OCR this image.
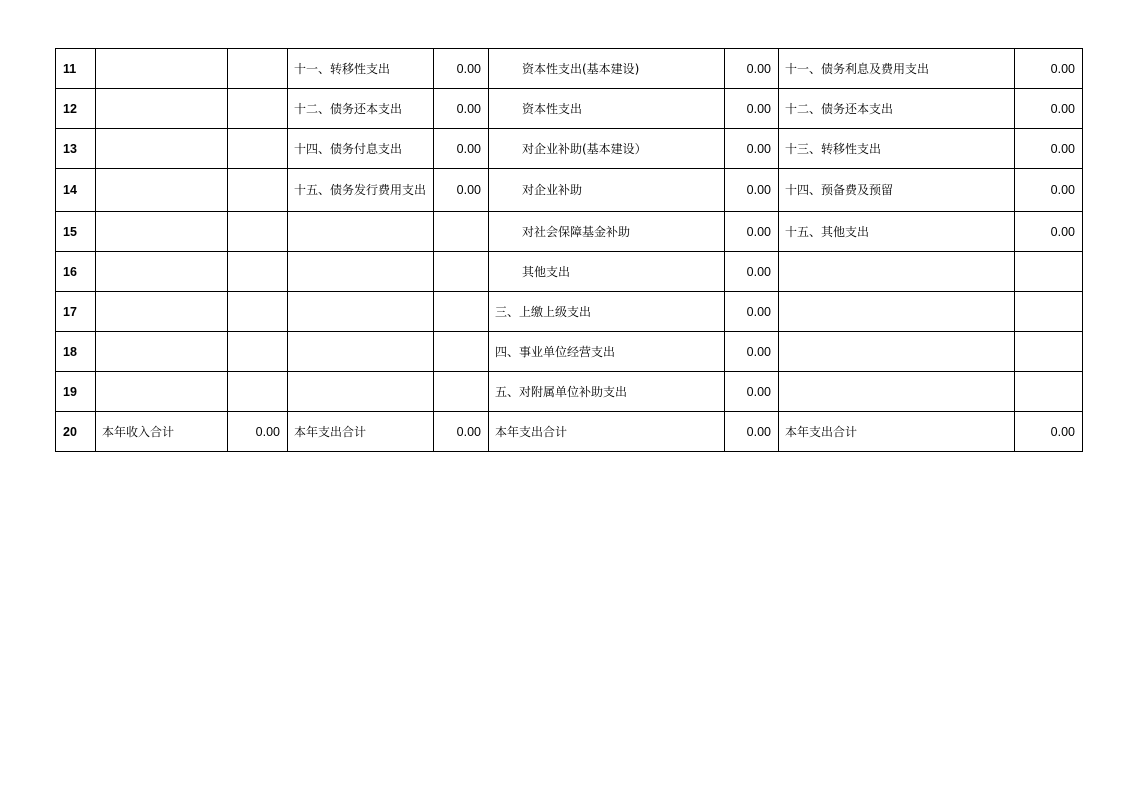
11			十一、转移性支出	0.00	资本性支出(基本建设)	0.00	十一、债务利息及费用支出	0.00
12			十二、债务还本支出	0.00	资本性支出	0.00	十二、债务还本支出	0.00
13			十四、债务付息支出	0.00	对企业补助(基本建设）	0.00	十三、转移性支出	0.00
14			十五、债务发行费用支出	0.00	对企业补助	0.00	十四、预备费及预留	0.00
15					对社会保障基金补助	0.00	十五、其他支出	0.00
16					其他支出	0.00		
17					三、上缴上级支出	0.00		
18					四、事业单位经营支出	0.00		
19					五、对附属单位补助支出	0.00		
20	本年收入合计	0.00	本年支出合计	0.00	本年支出合计	0.00	本年支出合计	0.00
